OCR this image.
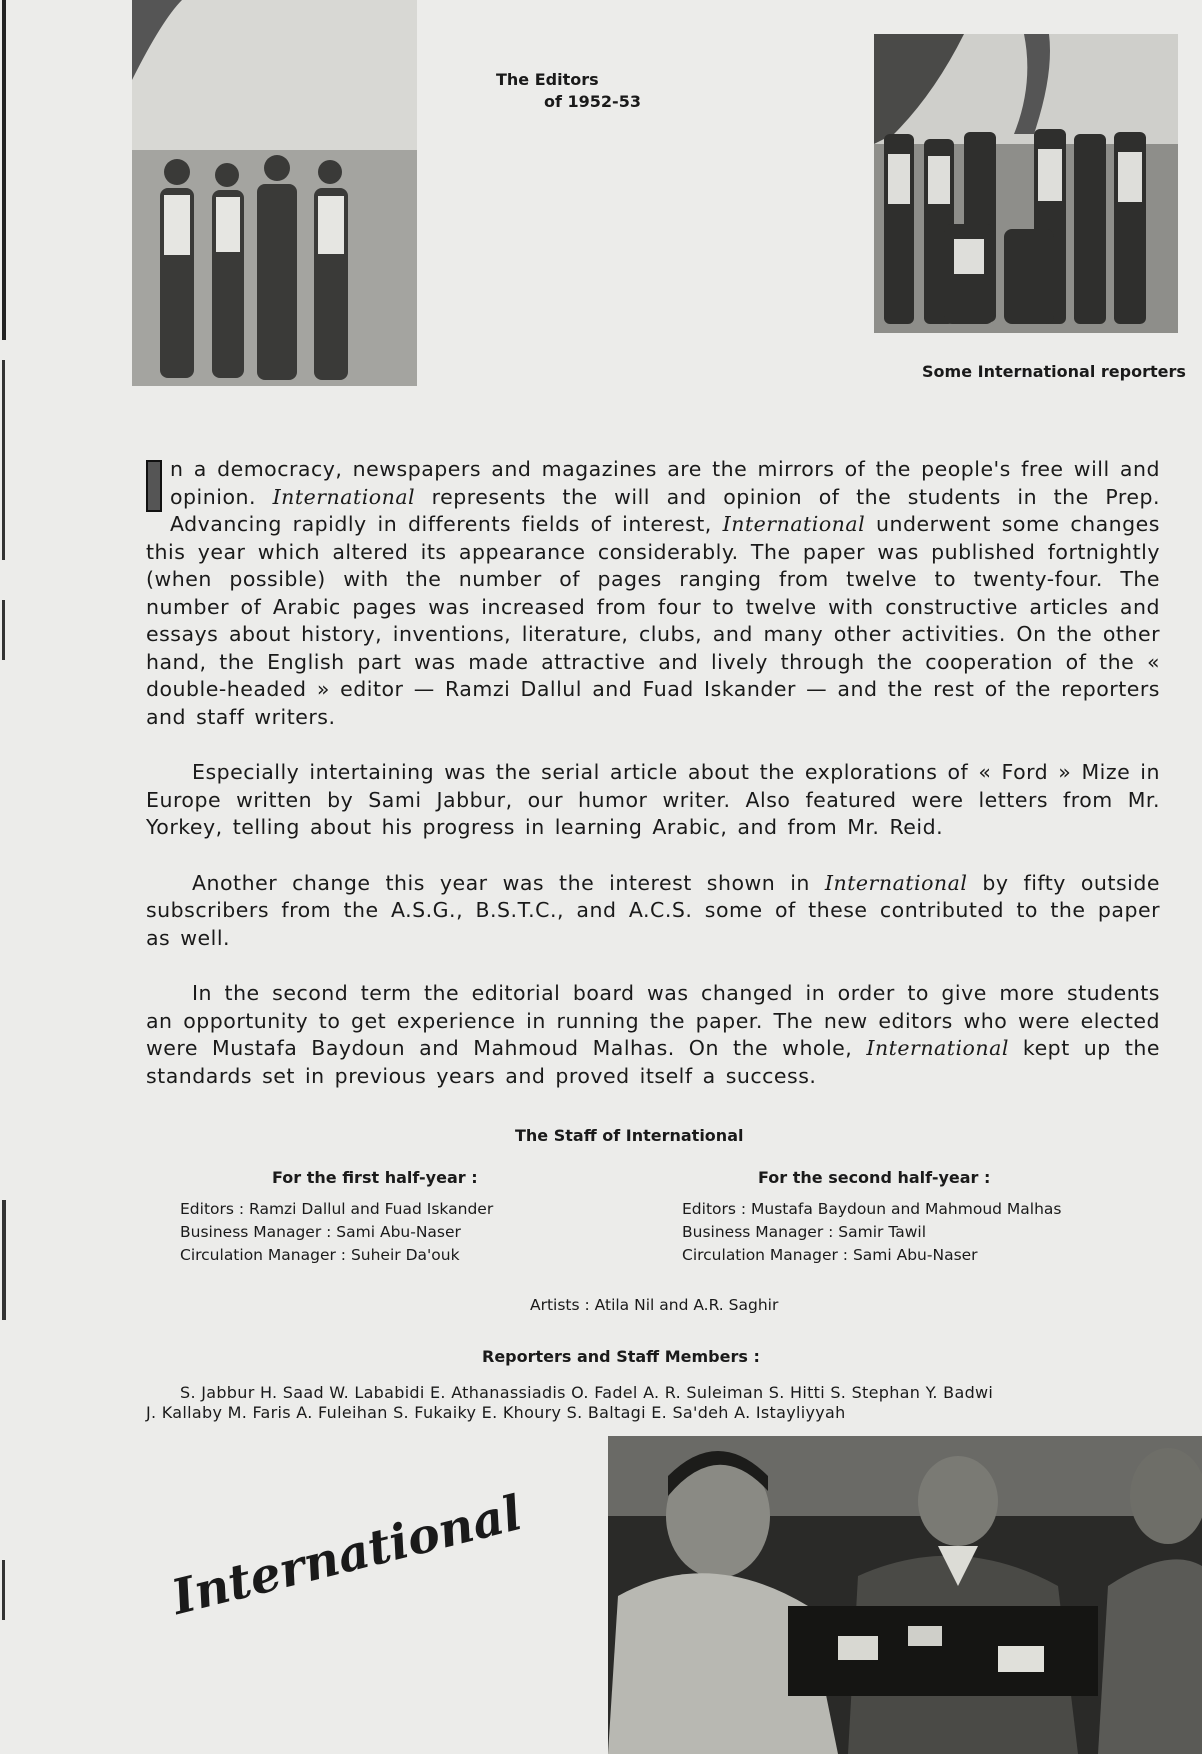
The Editors
of 1952-53
Some International reporters

n a democracy, newspapers and magazines are the mirrors of the people's free will and opinion. International represents the will and opinion of the students in the Prep. Advancing rapidly in differents fields of interest, International underwent some changes this year which altered its appearance considerably. The paper was published fortnightly (when possible) with the number of pages ranging from twelve to twenty-four. The number of Arabic pages was increased from four to twelve with constructive articles and essays about history, inventions, literature, clubs, and many other activities. On the other hand, the English part was made attractive and lively through the cooperation of the « double-headed » editor — Ramzi Dallul and Fuad Iskander — and the rest of the reporters and staff writers.

Especially intertaining was the serial article about the explorations of « Ford » Mize in Europe written by Sami Jabbur, our humor writer. Also featured were letters from Mr. Yorkey, telling about his progress in learning Arabic, and from Mr. Reid.

Another change this year was the interest shown in International by fifty outside subscribers from the A.S.G., B.S.T.C., and A.C.S. some of these contributed to the paper as well.

In the second term the editorial board was changed in order to give more students an opportunity to get experience in running the paper. The new editors who were elected were Mustafa Baydoun and Mahmoud Malhas. On the whole, International kept up the standards set in previous years and proved itself a success.

The Staff of International
For the first half-year :	For the second half-year :
Editors : Ramzi Dallul and Fuad Iskander
Business Manager : Sami Abu-Naser
Circulation Manager : Suheir Da'ouk
Editors : Mustafa Baydoun and Mahmoud Malhas
Business Manager : Samir Tawil
Circulation Manager : Sami Abu-Naser
Artists : Atila Nil and A.R. Saghir
Reporters and Staff Members :
S. Jabbur H. Saad W. Lababidi E. Athanassiadis O. Fadel A. R. Suleiman S. Hitti S. Stephan Y. Badwi
J. Kallaby M. Faris A. Fuleihan S. Fukaiky E. Khoury S. Baltagi E. Sa'deh A. Istayliyyah
International
